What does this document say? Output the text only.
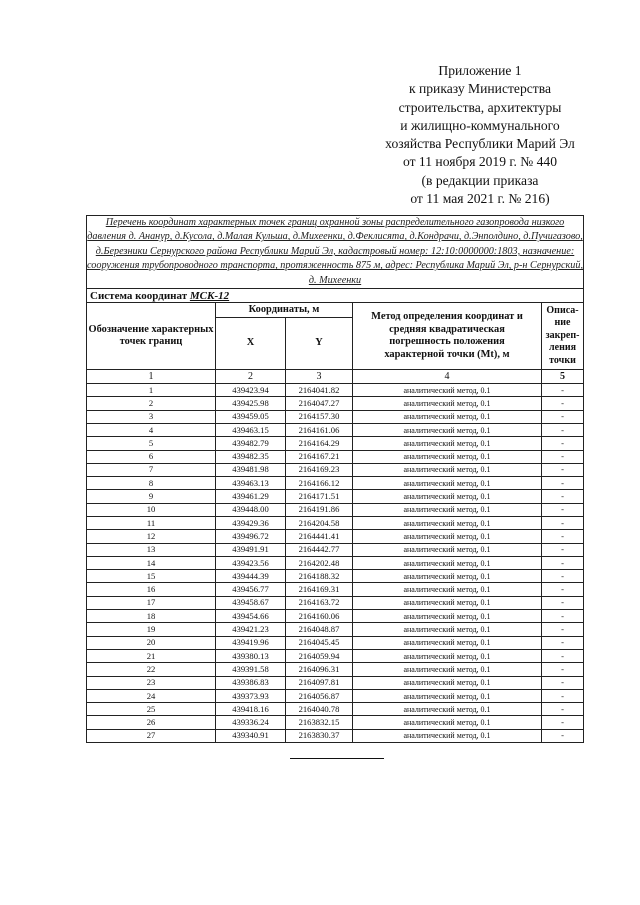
Приложение 1
к приказу Министерства
строительства, архитектуры
и жилищно-коммунального
хозяйства Республики Марий Эл
от 11 ноября 2019 г. № 440
(в редакции приказа
от 11 мая 2021 г. № 216)
Перечень координат характерных точек границ охранной зоны распределительного газопровода низкого давления д. Ананур, д.Кусола, д.Малая Кульша, д.Михеенки, д.Феклисята, д.Кондрачи, д.Энполдино, д.Пучигазово, д.Березники Сернурского района Республики Марий Эл, кадастровый номер: 12:10:0000000:1803, назначение: сооружения трубопроводного транспорта, протяженность 875 м, адрес: Республика Марий Эл, р-н Сернурский, д. Михеенки				
Система координат МСК-12				
Обозначение характерных точек границ	Координаты, м		Метод определения координат и средняя квадратическая погрешность положения характерной точки (Mt), м	Описа-ние закреп-ления точки
	X	Y		
1	2	3	4	5
1	439423.94	2164041.82	аналитический метод, 0.1	-
2	439425.98	2164047.27	аналитический метод, 0.1	-
3	439459.05	2164157.30	аналитический метод, 0.1	-
4	439463.15	2164161.06	аналитический метод, 0.1	-
5	439482.79	2164164.29	аналитический метод, 0.1	-
6	439482.35	2164167.21	аналитический метод, 0.1	-
7	439481.98	2164169.23	аналитический метод, 0.1	-
8	439463.13	2164166.12	аналитический метод, 0.1	-
9	439461.29	2164171.51	аналитический метод, 0.1	-
10	439448.00	2164191.86	аналитический метод, 0.1	-
11	439429.36	2164204.58	аналитический метод, 0.1	-
12	439496.72	2164441.41	аналитический метод, 0.1	-
13	439491.91	2164442.77	аналитический метод, 0.1	-
14	439423.56	2164202.48	аналитический метод, 0.1	-
15	439444.39	2164188.32	аналитический метод, 0.1	-
16	439456.77	2164169.31	аналитический метод, 0.1	-
17	439458.67	2164163.72	аналитический метод, 0.1	-
18	439454.66	2164160.06	аналитический метод, 0.1	-
19	439421.23	2164048.87	аналитический метод, 0.1	-
20	439419.96	2164045.45	аналитический метод, 0.1	-
21	439380.13	2164059.94	аналитический метод, 0.1	-
22	439391.58	2164096.31	аналитический метод, 0.1	-
23	439386.83	2164097.81	аналитический метод, 0.1	-
24	439373.93	2164056.87	аналитический метод, 0.1	-
25	439418.16	2164040.78	аналитический метод, 0.1	-
26	439336.24	2163832.15	аналитический метод, 0.1	-
27	439340.91	2163830.37	аналитический метод, 0.1	-
